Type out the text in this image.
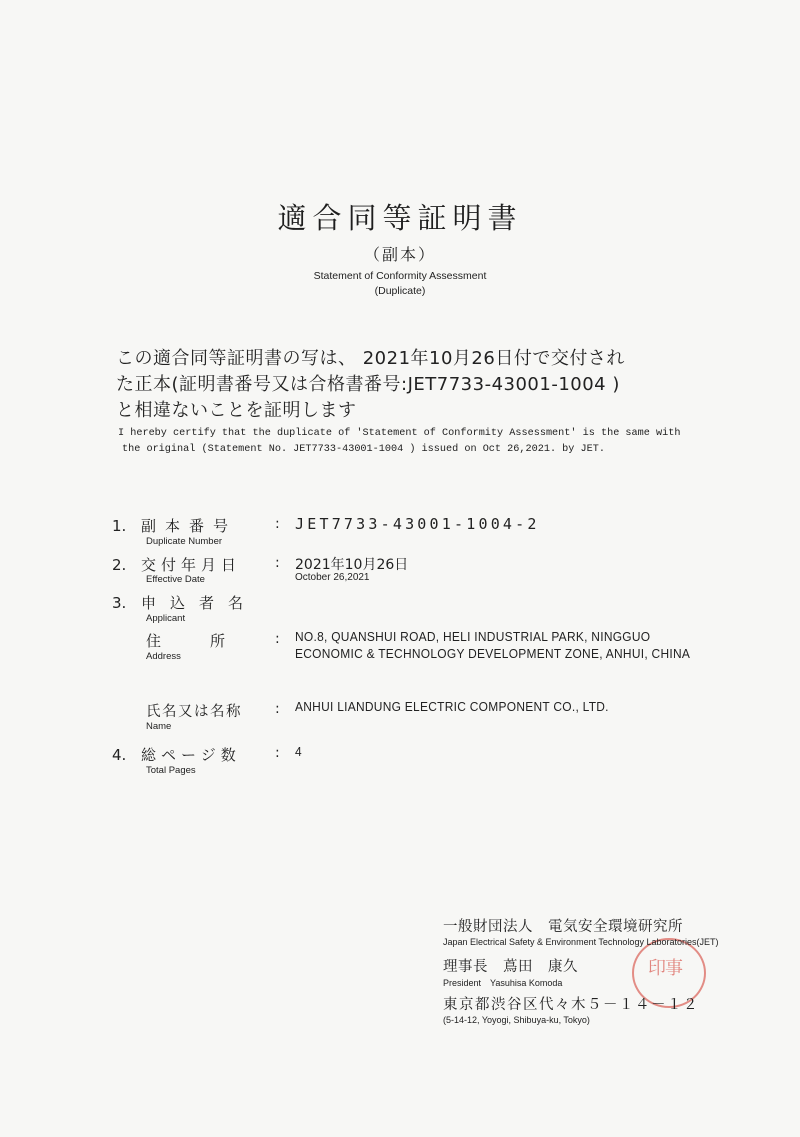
適合同等証明書
（副本）
Statement of Conformity Assessment
(Duplicate)
この適合同等証明書の写は、 2021年10月26日付で交付され
た正本(証明書番号又は合格書番号:JET7733-43001-1004 )
と相違ないことを証明します
I hereby certify that the duplicate of 'Statement of Conformity Assessment' is the same with
the original (Statement No. JET7733-43001-1004 ) issued on Oct 26,2021. by JET.
1. 副本番号
Duplicate Number
: JET7733-43001-1004-2
2. 交付年月日
Effective Date
: 2021年10月26日
October 26,2021
3. 申込者名
Applicant
住　　　所
Address
: NO.8, QUANSHUI ROAD, HELI INDUSTRIAL PARK, NINGGUO
ECONOMIC & TECHNOLOGY DEVELOPMENT ZONE, ANHUI, CHINA
氏名又は名称
Name
: ANHUI LIANDUNG ELECTRIC COMPONENT CO., LTD.
4. 総ページ数
Total Pages
: 4
印事
一般財団法人　電気安全環境研究所
Japan Electrical Safety & Environment Technology Laboratories(JET)
理事長　蔦田　康久
President　Yasuhisa Komoda
東京都渋谷区代々木５－１４－１２
(5-14-12, Yoyogi, Shibuya-ku, Tokyo)
